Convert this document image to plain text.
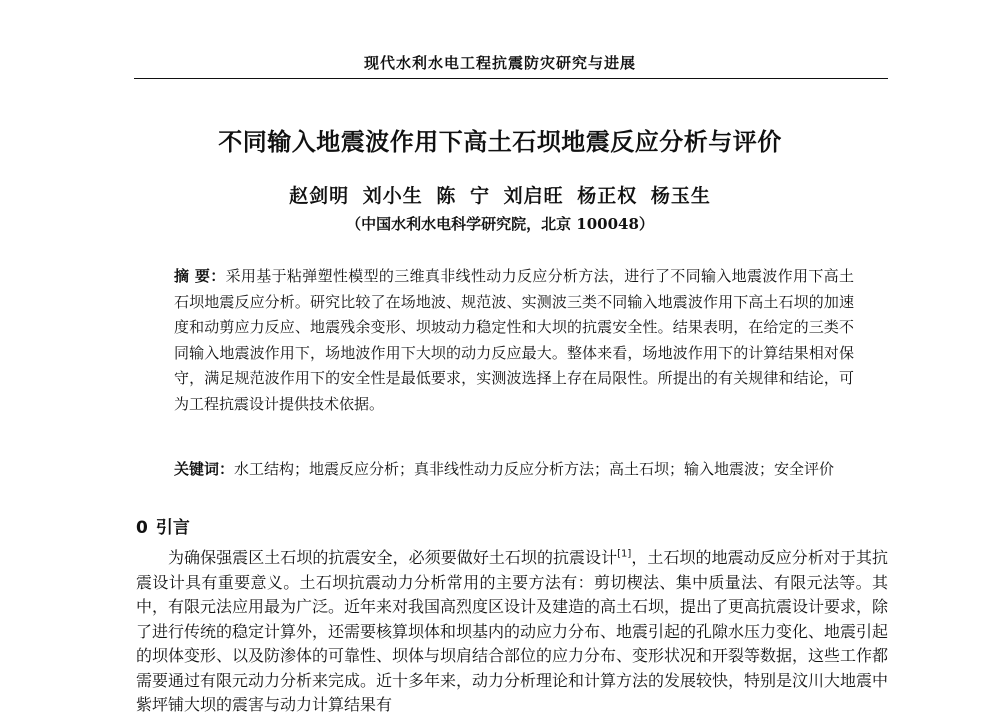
现代水利水电工程抗震防灾研究与进展
不同输入地震波作用下高土石坝地震反应分析与评价
赵剑明 刘小生 陈 宁 刘启旺 杨正权 杨玉生
（中国水利水电科学研究院，北京 100048）
摘 要：采用基于粘弹塑性模型的三维真非线性动力反应分析方法，进行了不同输入地震波作用下高土石坝地震反应分析。研究比较了在场地波、规范波、实测波三类不同输入地震波作用下高土石坝的加速度和动剪应力反应、地震残余变形、坝坡动力稳定性和大坝的抗震安全性。结果表明，在给定的三类不同输入地震波作用下，场地波作用下大坝的动力反应最大。整体来看，场地波作用下的计算结果相对保守，满足规范波作用下的安全性是最低要求，实测波选择上存在局限性。所提出的有关规律和结论，可为工程抗震设计提供技术依据。
关键词：水工结构；地震反应分析；真非线性动力反应分析方法；高土石坝；输入地震波；安全评价
0 引言
为确保强震区土石坝的抗震安全，必须要做好土石坝的抗震设计[1]，土石坝的地震动反应分析对于其抗震设计具有重要意义。土石坝抗震动力分析常用的主要方法有：剪切楔法、集中质量法、有限元法等。其中，有限元法应用最为广泛。近年来对我国高烈度区设计及建造的高土石坝，提出了更高抗震设计要求，除了进行传统的稳定计算外，还需要核算坝体和坝基内的动应力分布、地震引起的孔隙水压力变化、地震引起的坝体变形、以及防渗体的可靠性、坝体与坝肩结合部位的应力分布、变形状况和开裂等数据，这些工作都需要通过有限元动力分析来完成。近十多年来，动力分析理论和计算方法的发展较快，特别是汶川大地震中紫坪铺大坝的震害与动力计算结果有
